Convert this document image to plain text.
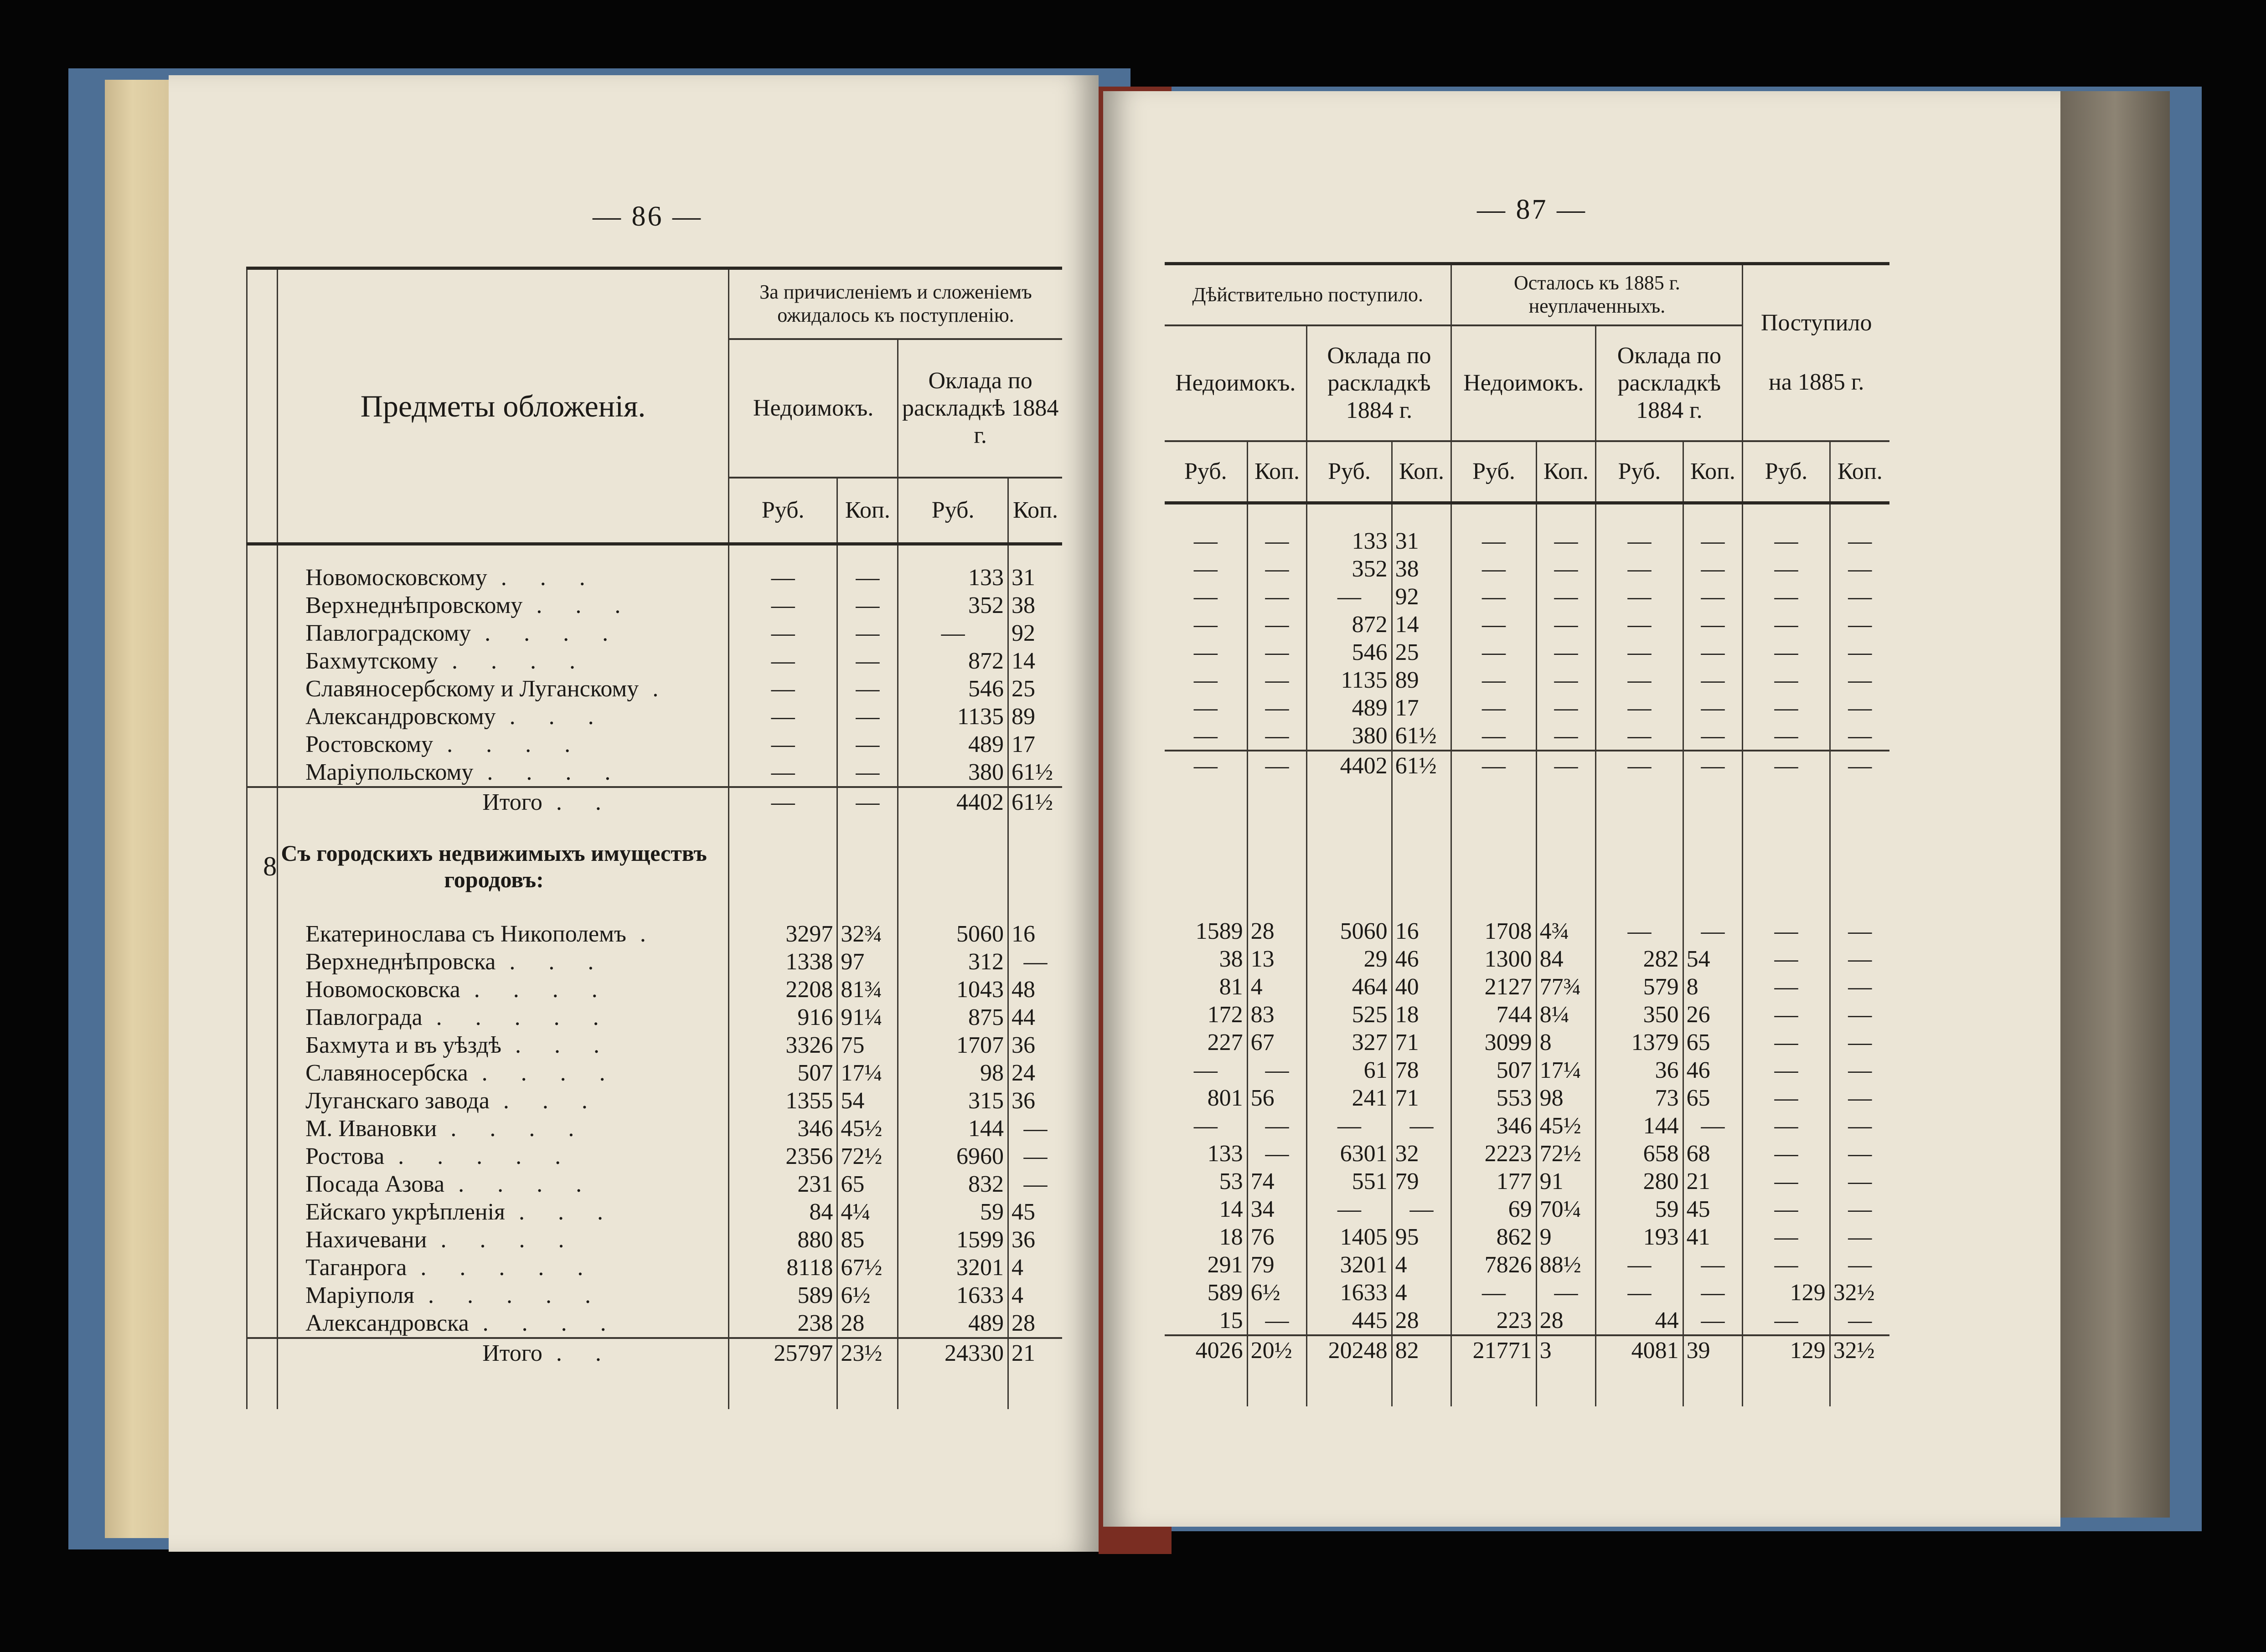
— 86 —	— 87 —
	Предметы обложенія.	За причисленіемъ и сложеніемъ ожидалось къ поступленію.			
		Недоимокъ.		Оклада по раскладкѣ 1884 г.	
		Руб.	Коп.	Руб.	Коп.

	Новомосковскому . . .	—	—	133	31
	Верхнеднѣпровскому . . .	—	—	352	38
	Павлоградскому . . . .	—	—	—	92
	Бахмутскому . . . .	—	—	872	14
	Славяносербскому и Луганскому .	—	—	546	25
	Александровскому . . .	—	—	1135	89
	Ростовскому . . . .	—	—	489	17
	Маріупольскому . . . .	—	—	380	61½
	Итого . .	—	—	4402	61½

8	Съ городскихъ недвижимыхъ имуществъ городовъ:				

	Екатеринослава съ Никополемъ .	3297	32¾	5060	16
	Верхнеднѣпровска . . .	1338	97	312	—
	Новомосковска . . . .	2208	81¾	1043	48
	Павлограда . . . . .	916	91¼	875	44
	Бахмута и въ уѣздѣ . . .	3326	75	1707	36
	Славяносербска . . . .	507	17¼	98	24
	Луганскаго завода . . .	1355	54	315	36
	М. Ивановки . . . .	346	45½	144	—
	Ростова . . . . .	2356	72½	6960	—
	Посада Азова . . . .	231	65	832	—
	Ейскаго укрѣпленія . . .	84	4¼	59	45
	Нахичевани . . . .	880	85	1599	36
	Таганрога . . . . .	8118	67½	3201	4
	Маріуполя . . . . .	589	6½	1633	4
	Александровска . . . .	238	28	489	28
	Итого . .	25797	23½	24330	21

Дѣйствительно поступило.				Осталось къ 1885 г. неуплаченныхъ.				Поступило
на 1885 г.	

Недоимокъ.		Оклада по раскладкѣ 1884 г.		Недоимокъ.		Оклада по раскладкѣ 1884 г.			
Руб.	Коп.	Руб.	Коп.	Руб.	Коп.	Руб.	Коп.	Руб.	Коп.

—	—	133	31	—	—	—	—	—	—
—	—	352	38	—	—	—	—	—	—
—	—	—	92	—	—	—	—	—	—
—	—	872	14	—	—	—	—	—	—
—	—	546	25	—	—	—	—	—	—
—	—	1135	89	—	—	—	—	—	—
—	—	489	17	—	—	—	—	—	—
—	—	380	61½	—	—	—	—	—	—
—	—	4402	61½	—	—	—	—	—	—

1589	28	5060	16	1708	4¾	—	—	—	—
38	13	29	46	1300	84	282	54	—	—
81	4	464	40	2127	77¾	579	8	—	—
172	83	525	18	744	8¼	350	26	—	—
227	67	327	71	3099	8	1379	65	—	—
—	—	61	78	507	17¼	36	46	—	—
801	56	241	71	553	98	73	65	—	—
—	—	—	—	346	45½	144	—	—	—
133	—	6301	32	2223	72½	658	68	—	—
53	74	551	79	177	91	280	21	—	—
14	34	—	—	69	70¼	59	45	—	—
18	76	1405	95	862	9	193	41	—	—
291	79	3201	4	7826	88½	—	—	—	—
589	6½	1633	4	—	—	—	—	129	32½
15	—	445	28	223	28	44	—	—	—
4026	20½	20248	82	21771	3	4081	39	129	32½
